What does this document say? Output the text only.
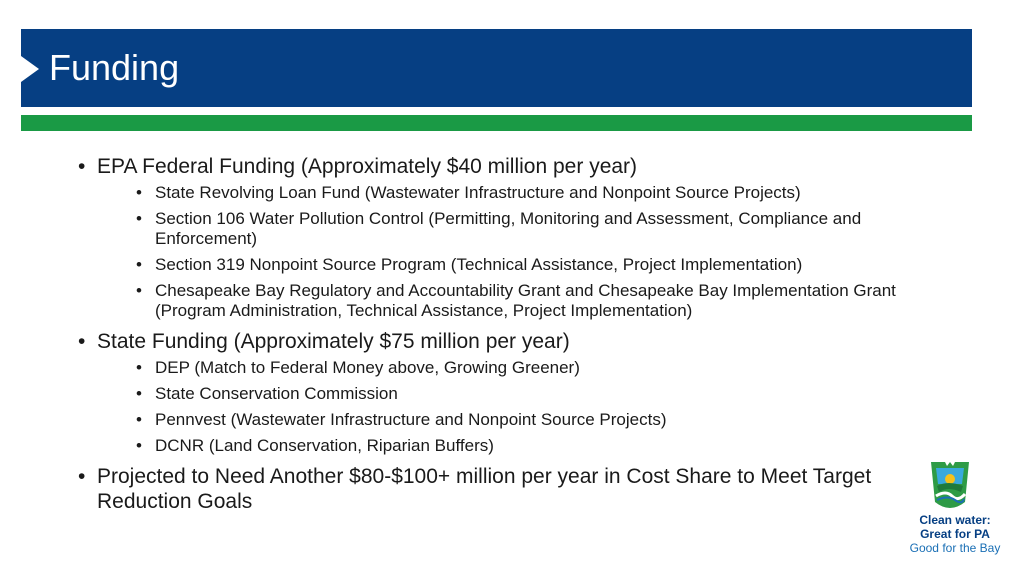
Funding
• EPA Federal Funding (Approximately $40 million per year)
• State Revolving Loan Fund (Wastewater Infrastructure and Nonpoint Source Projects)
• Section 106 Water Pollution Control (Permitting, Monitoring and Assessment, Compliance and Enforcement)
• Section 319 Nonpoint Source Program (Technical Assistance, Project Implementation)
• Chesapeake Bay Regulatory and Accountability Grant and Chesapeake Bay Implementation Grant (Program Administration, Technical Assistance, Project Implementation)
• State Funding (Approximately $75 million per year)
• DEP (Match to Federal Money above, Growing Greener)
• State Conservation Commission
• Pennvest (Wastewater Infrastructure and Nonpoint Source Projects)
• DCNR (Land Conservation, Riparian Buffers)
• Projected to Need Another $80-$100+ million per year in Cost Share to Meet Target Reduction Goals
Clean water:
Great for PA
Good for the Bay
